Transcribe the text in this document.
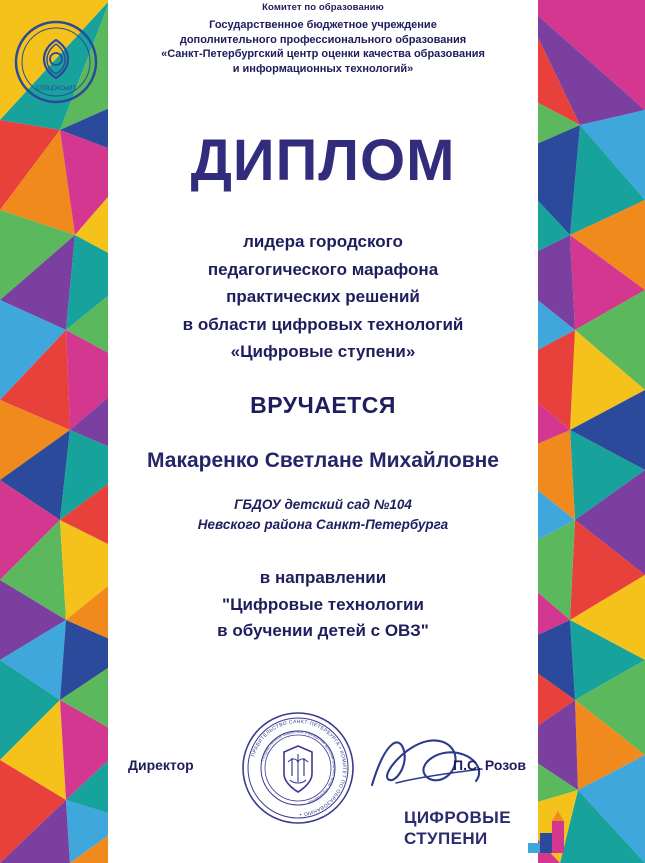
СПбЦОКОиИТ
Комитет по образованию
Государственное бюджетное учреждение
дополнительного профессионального образования
«Санкт-Петербургский центр оценки качества образования
и информационных технологий»
ДИПЛОМ
лидера городского
педагогического марафона
практических решений
в области цифровых технологий
«Цифровые ступени»
ВРУЧАЕТСЯ
Макаренко Светлане Михайловне
ГБДОУ детский сад №104
Невского района Санкт-Петербурга
в направлении
"Цифровые технологии
в обучении детей с ОВЗ"
Директор
ПРАВИТЕЛЬСТВО САНКТ-ПЕТЕРБУРГА • КОМИТЕТ ПО ОБРАЗОВАНИЮ •
Государственное бюджетное учреждение дополнительного проф. образования
П.С. Розов
ЦИФРОВЫЕ
СТУПЕНИ
